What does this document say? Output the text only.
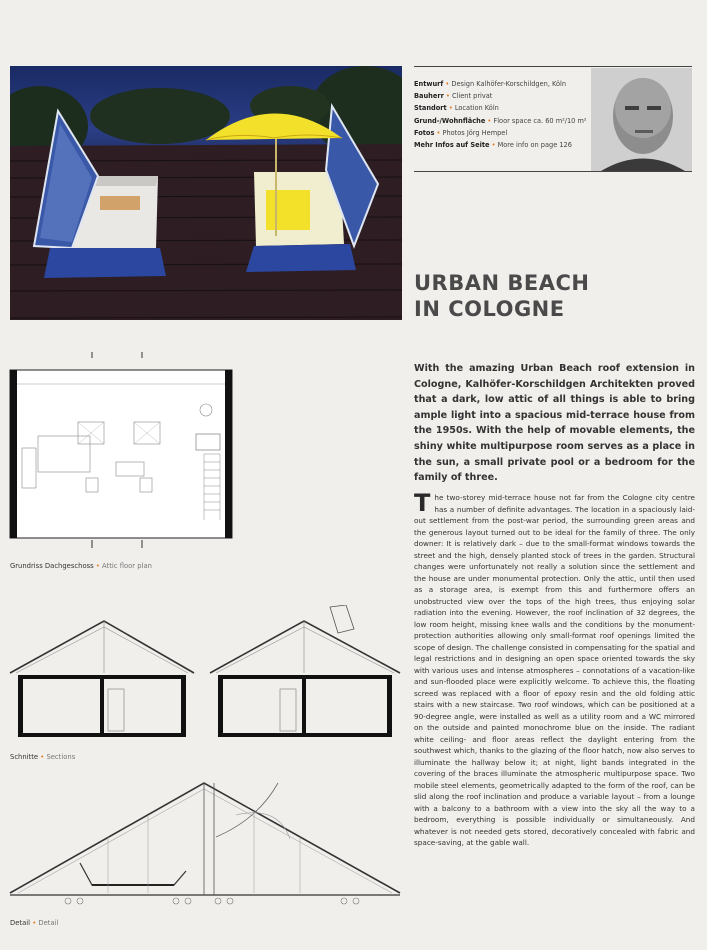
Entwurf • Design Kalhöfer-Korschildgen, Köln
Bauherr • Client privat
Standort • Location Köln
Grund-/Wohnfläche • Floor space ca. 60 m²/10 m²
Fotos • Photos Jörg Hempel
Mehr Infos auf Seite • More info on page 126
URBAN BEACH
IN COLOGNE
With the amazing Urban Beach roof extension in Cologne, Kalhöfer-Korschildgen Architekten proved that a dark, low attic of all things is able to bring ample light into a spacious mid-terrace house from the 1950s. With the help of movable elements, the shiny white multipurpose room serves as a place in the sun, a small private pool or a bedroom for the family of three.
The two-storey mid-terrace house not far from the Cologne city centre has a number of definite advantages. The location in a spaciously laid-out settlement from the post-war period, the surrounding green areas and the generous layout turned out to be ideal for the family of three. The only downer: It is relatively dark – due to the small-format windows towards the street and the high, densely planted stock of trees in the garden. Structural changes were unfortunately not really a solution since the settlement and the house are under monumental protection. Only the attic, until then used as a storage area, is exempt from this and furthermore offers an unobstructed view over the tops of the high trees, thus enjoying solar radiation into the evening. However, the roof inclination of 32 degrees, the low room height, missing knee walls and the conditions by the monument-protection authorities allowing only small-format roof openings limited the scope of design. The challenge consisted in compensating for the spatial and legal restrictions and in designing an open space oriented towards the sky with various uses and intense atmospheres – connotations of a vacation-like and sun-flooded place were explicitly welcome. To achieve this, the floating screed was replaced with a floor of epoxy resin and the old folding attic stairs with a new staircase. Two roof windows, which can be positioned at a 90-degree angle, were installed as well as a utility room and a WC mirrored on the outside and painted monochrome blue on the inside. The radiant white ceiling- and floor areas reflect the daylight entering from the southwest which, thanks to the glazing of the floor hatch, now also serves to illuminate the hallway below it; at night, light bands integrated in the covering of the braces illuminate the atmospheric multipurpose space. Two mobile steel elements, geometrically adapted to the form of the roof, can be slid along the roof inclination and produce a variable layout – from a lounge with a balcony to a bathroom with a view into the sky all the way to a bedroom, everything is possible individually or simultaneously. And whatever is not needed gets stored, decoratively concealed with fabric and space-saving, at the gable wall.
Grundriss Dachgeschoss • Attic floor plan
Schnitte • Sections
Detail • Detail
